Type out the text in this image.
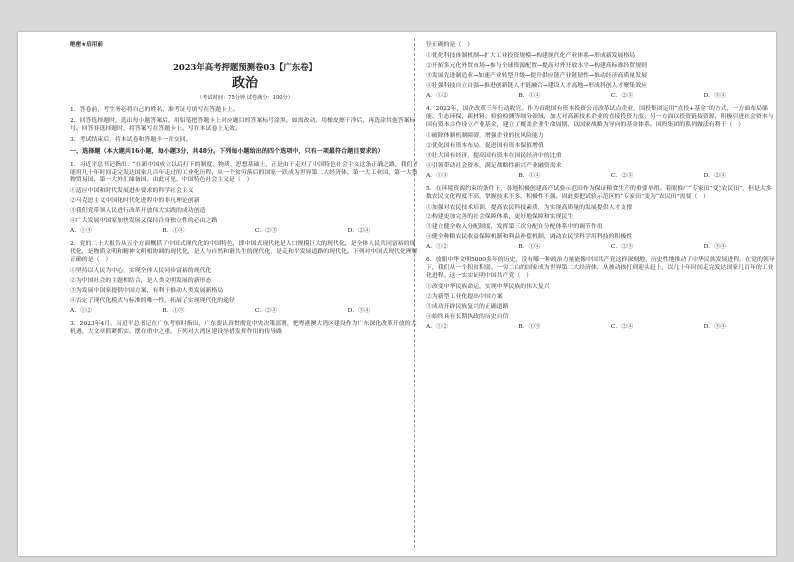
绝密★启用前
2023年高考押题预测卷03【广东卷】
政治
（考试时间：75分钟 试卷满分：100分）
1．答卷前，考生务必将自己的姓名、准考证号填写在答题卡上。
2．回答选择题时，选出每小题答案后，用铅笔把答题卡上对应题目的答案标号涂黑。如需改动，用橡皮擦干净后，再选涂其他答案标号。回答非选择题时，将答案写在答题卡上。写在本试卷上无效。
3．考试结束后，将本试卷和答题卡一并交回。
一、选择题（本大题共16小题，每小题3分，共48分。下列每小题给出的四个选项中，只有一项最符合题目要求的）
1．习近平总书记指出：“在新中国成立以后打下的制度、物质、思想基础上，正是由于走对了中国特色社会主义这条正确之路，我们才能用几十年时间走完发达国家几百年走过的工业化历程，从一个贫穷落后的国家一跃成为世界第二大经济体、第一大工业国、第一大货物贸易国、第一大外汇储备国。由此可见，中国特色社会主义是（　）
①适应中国和时代发展进步要求的科学社会主义
②马克思主义中国化时代化进程中的非凡理论创新
③我们党带领人民进行改革开放伟大实践的成功创造
④广大发展中国家加快发展又保持自身独立性的必由之路
A．①③	B．①④	C．②③	D．②④
2．党的二十大报告从五个方面概括了中国式现代化的中国特色，即中国式现代化是人口规模巨大的现代化，是全体人民共同富裕的现代化，是物质文明和精神文明相协调的现代化，是人与自然和谐共生的现代化，是走和平发展道路的现代化。下列对中国式现代化理解正确的是（　）
①坚持以人民为中心，实现全体人民同步富裕的现代化
②为中国社会的主题相结合，是人类文明发展的新形态
③为发展中国家提供中国方案，有利于推动人类发展新格局
④否定了现代化模式与标准的唯一性，拓展了实现现代化的途径
A．①②	B．①③	C．②④	D．③④
3．2023年4月，习近平总书记在广东考察时指出，广东要认真贯彻党中央决策部署，把粤港澳大湾区建设作为广东深化改革开放的大机遇、大文章抓紧抓实。摆在重中之重。下列对大湾区建设举措发挥作用的传导路
径正确的是（　）
①优化科技体制机制→扩大工业投资规模→构建现代化产业体系→形成新发展格局
②开拓多元化外贸市场→参与全球资源配置→提高对外开放水平→构建高标准经贸规则
③发展先进制造业→加速产业转型升级→提升供应链产业链韧性→推动经济高质量发展
④壮强科技自立自强→推进创新链人才链融合→建设人才高地→形成科创人才聚集效应
A．①②	B．①④	C．②③	D．③④
4．2022年，国企改革三年行动收官。作为首批国有资本投资公司改革试点企业，国投集团运用“直投+基金”的方式，一方面布局储能、生态环保、新材料、检验检测等细分领域，加大对高新技术企业的直接投资力度；另一方面以投资链接资源，积极引进社会资本与国有资本合作设立产业基金，建立了覆盖企业生命周期、以国家战略为导向的基金体系。国投集团的系列做法有利于（　）
①破除体制机制障碍，增强企业的抗风险能力
②优化国有资本布局，促进国有资本保值增值
③壮大国有经济，提高国有资本在国民经济中的比重
④引领带动社会资本，满足战略性新兴产业融资需求
A．①③	B．①④	C．②③	D．②④
5．在环境资源约束的条件下，各地积极创建高产试验示范田作为保证粮食生产的重要举措。着眼推广“专家田”变“农民田”，但是大多数农民文化程度不高，掌握技术不多。积极性不强。因此要把试验示范区的“专家田”变为“农民田”需要（　）
①加强对农民技术培训，提高农民科技素质，为实现高质量的发展提供人才支撑
②构建更加完善的社会保障体系，更好地保障和实现民生
③建立健全收入分配制度，发挥第三次分配在分配体系中的调节作用
④健全种粮农民收益保障机制和利益补偿机制，调动农民学科学用科技的积极性
A．①②	B．①④	C．②③	D．③④
6．放眼中华文明5000多年的历史，没有哪一种政治力量能像中国共产党这样深刻地、历史性地推动了中华民族发展进程。在党的领导下，我们从一个积贫积弱、一穷二白的国家成为世界第二大经济体，从被动挨打到迎头赶上，以几十年时间走完发达国家几百年的工业化进程。这一实实证明中国共产党（　）
①改变中华民族命运，实现中华民族的伟大复兴
②为新型工业化提出中国方案
③成功开辟民族复兴的正确道路
④始终具有长期执政的历史自信
A．①②	B．①③	C．②④	D．③④
